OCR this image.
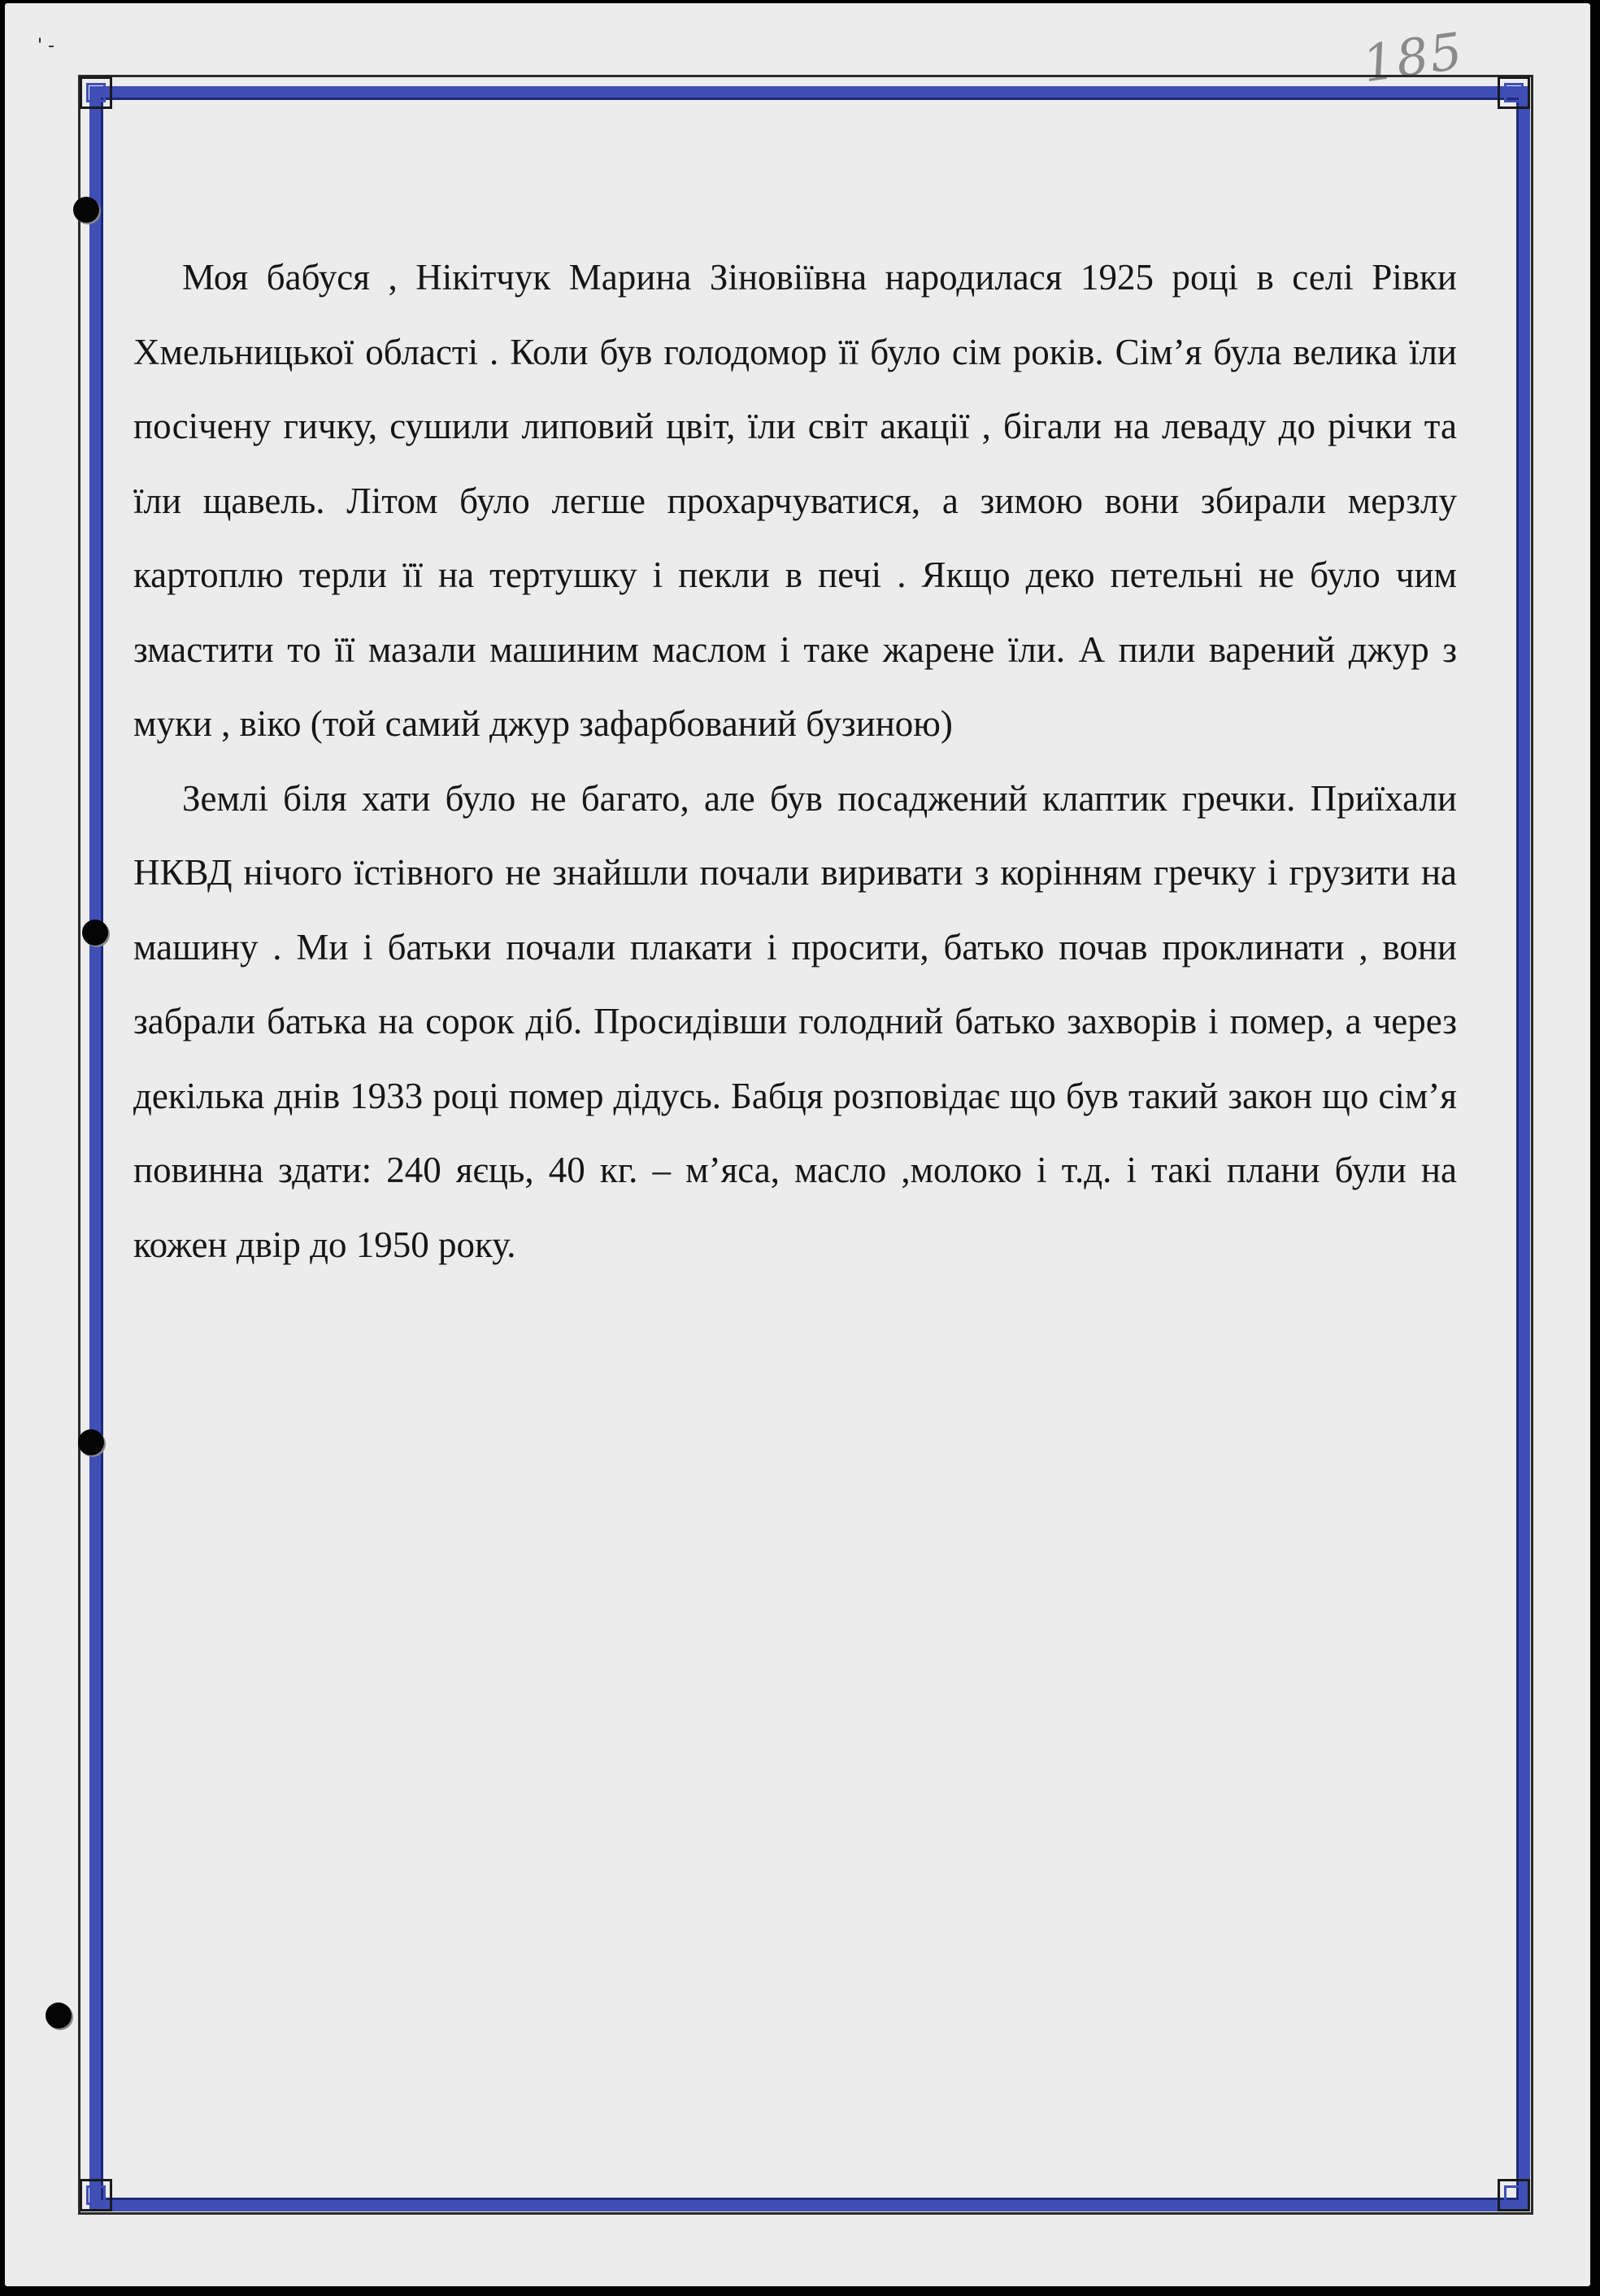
' -	185

Моя бабуся , Нікітчук Марина Зіновіївна народилася 1925 році в селі Рівки Хмельницької області . Коли був голодомор її було сім років. Сім’я була велика їли посічену гичку, сушили липовий цвіт, їли світ акації , бігали на леваду до річки та їли щавель. Літом було легше прохарчуватися, а зимою вони збирали мерзлу картоплю терли її на тертушку і пекли в печі . Якщо деко петельні не було чим змастити то її мазали машиним маслом і таке жарене їли. А пили варений джур з муки , віко (той самий джур зафарбований бузиною)

Землі біля хати було не багато, але був посаджений клаптик гречки. Приїхали НКВД нічого їстівного не знайшли почали виривати з корінням гречку і грузити на машину . Ми і батьки почали плакати і просити, батько почав проклинати , вони забрали батька на сорок діб. Просидівши голодний батько захворів і помер, а через декілька днів 1933 році помер дідусь. Бабця розповідає що був такий закон що сім’я повинна здати: 240 яєць, 40 кг. – м’яса, масло ,молоко і т.д. і такі плани були на кожен двір до 1950 року.
